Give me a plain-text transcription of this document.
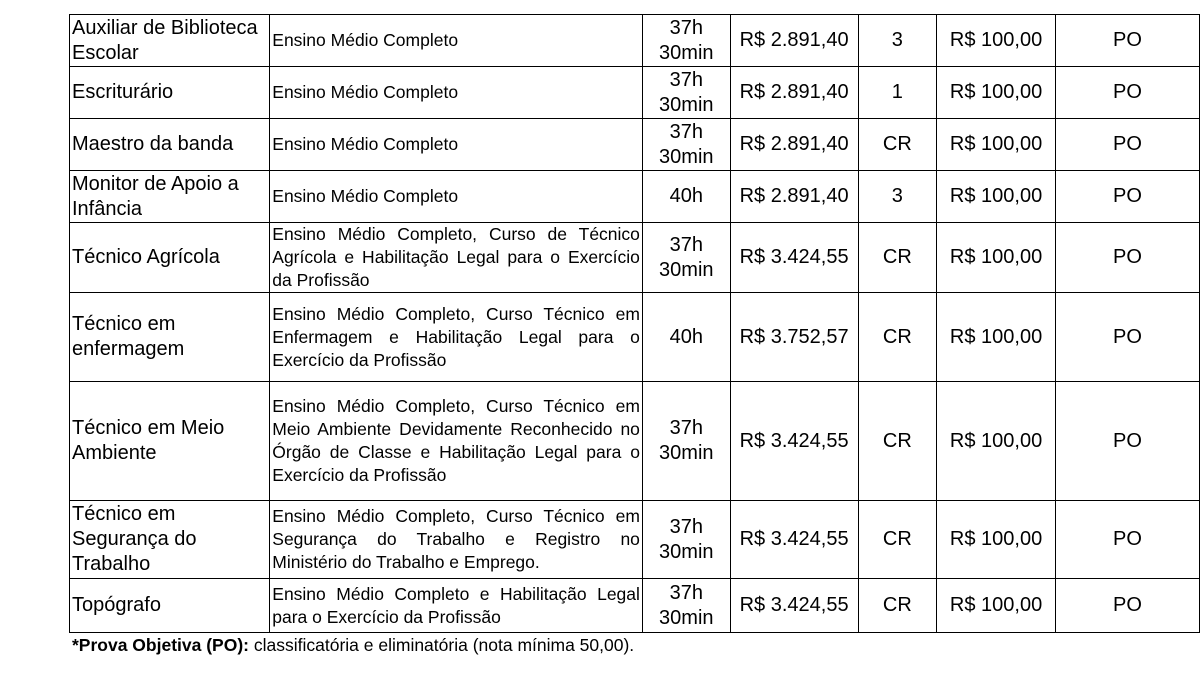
Auxiliar de Biblioteca Escolar	Ensino Médio Completo	37h 30min	R$ 2.891,40	3	R$ 100,00	PO
Escriturário	Ensino Médio Completo	37h 30min	R$ 2.891,40	1	R$ 100,00	PO
Maestro da banda	Ensino Médio Completo	37h 30min	R$ 2.891,40	CR	R$ 100,00	PO
Monitor de Apoio a Infância	Ensino Médio Completo	40h	R$ 2.891,40	3	R$ 100,00	PO
Técnico Agrícola	Ensino Médio Completo, Curso de Técnico Agrícola e Habilitação Legal para o Exercício da Profissão	37h 30min	R$ 3.424,55	CR	R$ 100,00	PO
Técnico em enfermagem	Ensino Médio Completo, Curso Técnico em Enfermagem e Habilitação Legal para o Exercício da Profissão	40h	R$ 3.752,57	CR	R$ 100,00	PO
Técnico em Meio Ambiente	Ensino Médio Completo, Curso Técnico em Meio Ambiente Devidamente Reconhecido no Órgão de Classe e Habilitação Legal para o Exercício da Profissão	37h 30min	R$ 3.424,55	CR	R$ 100,00	PO
Técnico em Segurança do Trabalho	Ensino Médio Completo, Curso Técnico em Segurança do Trabalho e Registro no Ministério do Trabalho e Emprego.	37h 30min	R$ 3.424,55	CR	R$ 100,00	PO
Topógrafo	Ensino Médio Completo e Habilitação Legal para o Exercício da Profissão	37h 30min	R$ 3.424,55	CR	R$ 100,00	PO
*Prova Objetiva (PO): classificatória e eliminatória (nota mínima 50,00).
